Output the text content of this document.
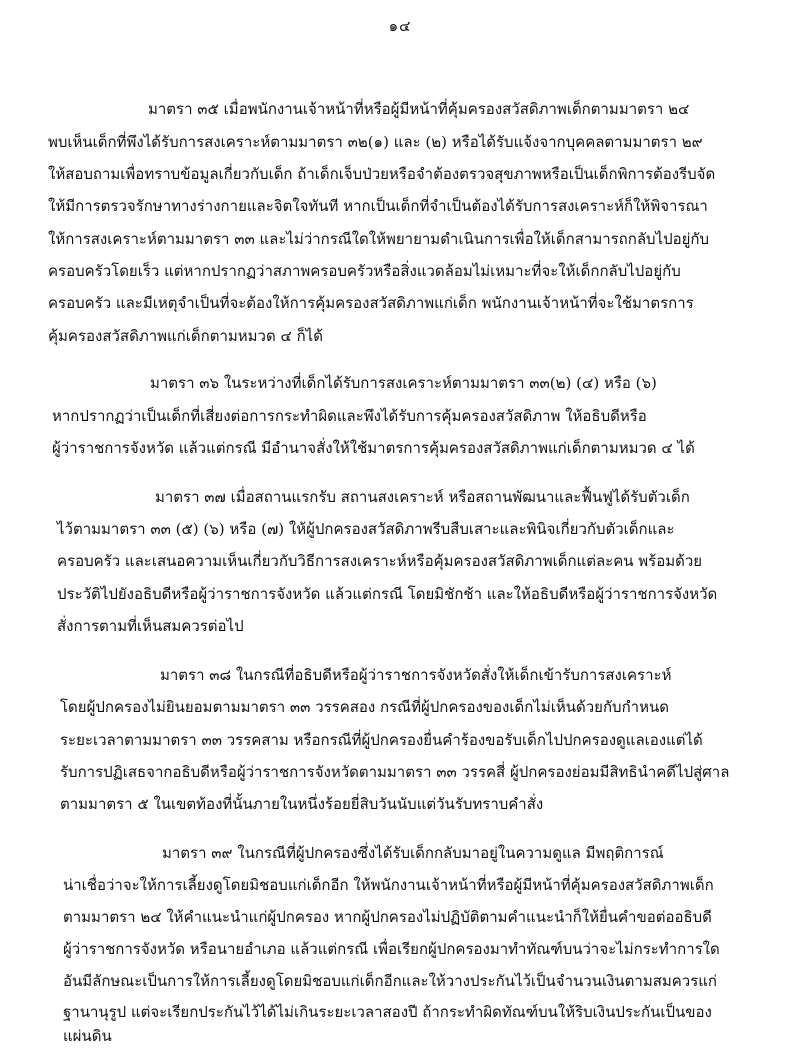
๑๔
มาตรา ๓๕ เมื่อพนักงานเจ้าหน้าที่หรือผู้มีหน้าที่คุ้มครองสวัสดิภาพเด็กตามมาตรา ๒๔
พบเห็นเด็กที่พึงได้รับการสงเคราะห์ตามมาตรา ๓๒(๑) และ (๒) หรือได้รับแจ้งจากบุคคลตามมาตรา ๒๙
ให้สอบถามเพื่อทราบข้อมูลเกี่ยวกับเด็ก ถ้าเด็กเจ็บป่วยหรือจำต้องตรวจสุขภาพหรือเป็นเด็กพิการต้องรีบจัด
ให้มีการตรวจรักษาทางร่างกายและจิตใจทันที หากเป็นเด็กที่จำเป็นต้องได้รับการสงเคราะห์ก็ให้พิจารณา
ให้การสงเคราะห์ตามมาตรา ๓๓ และไม่ว่ากรณีใดให้พยายามดำเนินการเพื่อให้เด็กสามารถกลับไปอยู่กับ
ครอบครัวโดยเร็ว แต่หากปรากฏว่าสภาพครอบครัวหรือสิ่งแวดล้อมไม่เหมาะที่จะให้เด็กกลับไปอยู่กับ
ครอบครัว และมีเหตุจำเป็นที่จะต้องให้การคุ้มครองสวัสดิภาพแก่เด็ก พนักงานเจ้าหน้าที่จะใช้มาตรการ
คุ้มครองสวัสดิภาพแก่เด็กตามหมวด ๔ ก็ได้
มาตรา ๓๖ ในระหว่างที่เด็กได้รับการสงเคราะห์ตามมาตรา ๓๓(๒) (๔) หรือ (๖)
หากปรากฏว่าเป็นเด็กที่เสี่ยงต่อการกระทำผิดและพึงได้รับการคุ้มครองสวัสดิภาพ ให้อธิบดีหรือ
ผู้ว่าราชการจังหวัด แล้วแต่กรณี มีอำนาจสั่งให้ใช้มาตรการคุ้มครองสวัสดิภาพแก่เด็กตามหมวด ๔ ได้
มาตรา ๓๗ เมื่อสถานแรกรับ สถานสงเคราะห์ หรือสถานพัฒนาและฟื้นฟูได้รับตัวเด็ก
ไว้ตามมาตรา ๓๓ (๕) (๖) หรือ (๗) ให้ผู้ปกครองสวัสดิภาพรีบสืบเสาะและพินิจเกี่ยวกับตัวเด็กและ
ครอบครัว และเสนอความเห็นเกี่ยวกับวิธีการสงเคราะห์หรือคุ้มครองสวัสดิภาพเด็กแต่ละคน พร้อมด้วย
ประวัติไปยังอธิบดีหรือผู้ว่าราชการจังหวัด แล้วแต่กรณี โดยมิชักช้า และให้อธิบดีหรือผู้ว่าราชการจังหวัด
สั่งการตามที่เห็นสมควรต่อไป
มาตรา ๓๘ ในกรณีที่อธิบดีหรือผู้ว่าราชการจังหวัดสั่งให้เด็กเข้ารับการสงเคราะห์
โดยผู้ปกครองไม่ยินยอมตามมาตรา ๓๓ วรรคสอง กรณีที่ผู้ปกครองของเด็กไม่เห็นด้วยกับกำหนด
ระยะเวลาตามมาตรา ๓๓ วรรคสาม หรือกรณีที่ผู้ปกครองยื่นคำร้องขอรับเด็กไปปกครองดูแลเองแต่ได้
รับการปฏิเสธจากอธิบดีหรือผู้ว่าราชการจังหวัดตามมาตรา ๓๓ วรรคสี่ ผู้ปกครองย่อมมีสิทธินำคดีไปสู่ศาล
ตามมาตรา ๕ ในเขตท้องที่นั้นภายในหนึ่งร้อยยี่สิบวันนับแต่วันรับทราบคำสั่ง
มาตรา ๓๙ ในกรณีที่ผู้ปกครองซึ่งได้รับเด็กกลับมาอยู่ในความดูแล มีพฤติการณ์
น่าเชื่อว่าจะให้การเลี้ยงดูโดยมิชอบแก่เด็กอีก ให้พนักงานเจ้าหน้าที่หรือผู้มีหน้าที่คุ้มครองสวัสดิภาพเด็ก
ตามมาตรา ๒๔ ให้คำแนะนำแก่ผู้ปกครอง หากผู้ปกครองไม่ปฏิบัติตามคำแนะนำก็ให้ยื่นคำขอต่ออธิบดี
ผู้ว่าราชการจังหวัด หรือนายอำเภอ แล้วแต่กรณี เพื่อเรียกผู้ปกครองมาทำทัณฑ์บนว่าจะไม่กระทำการใด
อันมีลักษณะเป็นการให้การเลี้ยงดูโดยมิชอบแก่เด็กอีกและให้วางประกันไว้เป็นจำนวนเงินตามสมควรแก่
ฐานานุรูป แต่จะเรียกประกันไว้ได้ไม่เกินระยะเวลาสองปี ถ้ากระทำผิดทัณฑ์บนให้ริบเงินประกันเป็นของ
แผ่นดิน
